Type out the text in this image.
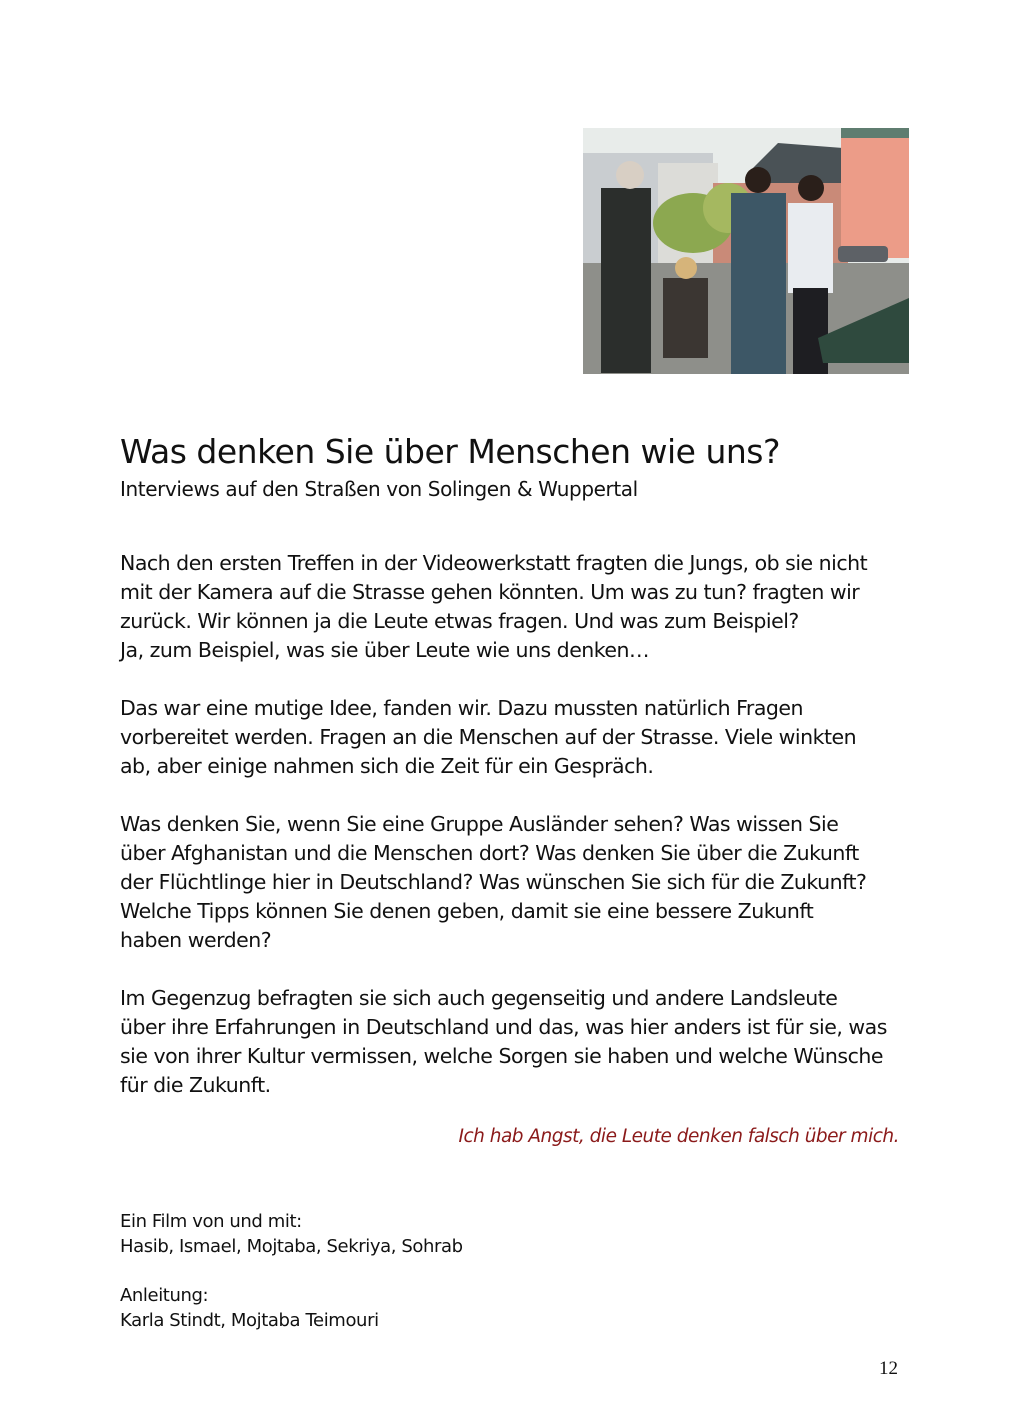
Was denken Sie über Menschen wie uns?
Interviews auf den Straßen von Solingen & Wuppertal

Nach den ersten Treffen in der Videowerkstatt fragten die Jungs, ob sie nicht
mit der Kamera auf die Strasse gehen könnten. Um was zu tun? fragten wir
zurück. Wir können ja die Leute etwas fragen. Und was zum Beispiel?
Ja, zum Beispiel, was sie über Leute wie uns denken…

Das war eine mutige Idee, fanden wir. Dazu mussten natürlich Fragen
vorbereitet werden. Fragen an die Menschen auf der Strasse. Viele winkten
ab, aber einige nahmen sich die Zeit für ein Gespräch.

Was denken Sie, wenn Sie eine Gruppe Ausländer sehen? Was wissen Sie
über Afghanistan und die Menschen dort? Was denken Sie über die Zukunft
der Flüchtlinge hier in Deutschland? Was wünschen Sie sich für die Zukunft?
Welche Tipps können Sie denen geben, damit sie eine bessere Zukunft
haben werden?

Im Gegenzug befragten sie sich auch gegenseitig und andere Landsleute
über ihre Erfahrungen in Deutschland und das, was hier anders ist für sie, was
sie von ihrer Kultur vermissen, welche Sorgen sie haben und welche Wünsche
für die Zukunft.

Ich hab Angst, die Leute denken falsch über mich.
Ein Film von und mit:
Hasib, Ismael, Mojtaba, Sekriya, Sohrab
Anleitung:
Karla Stindt, Mojtaba Teimouri
12
